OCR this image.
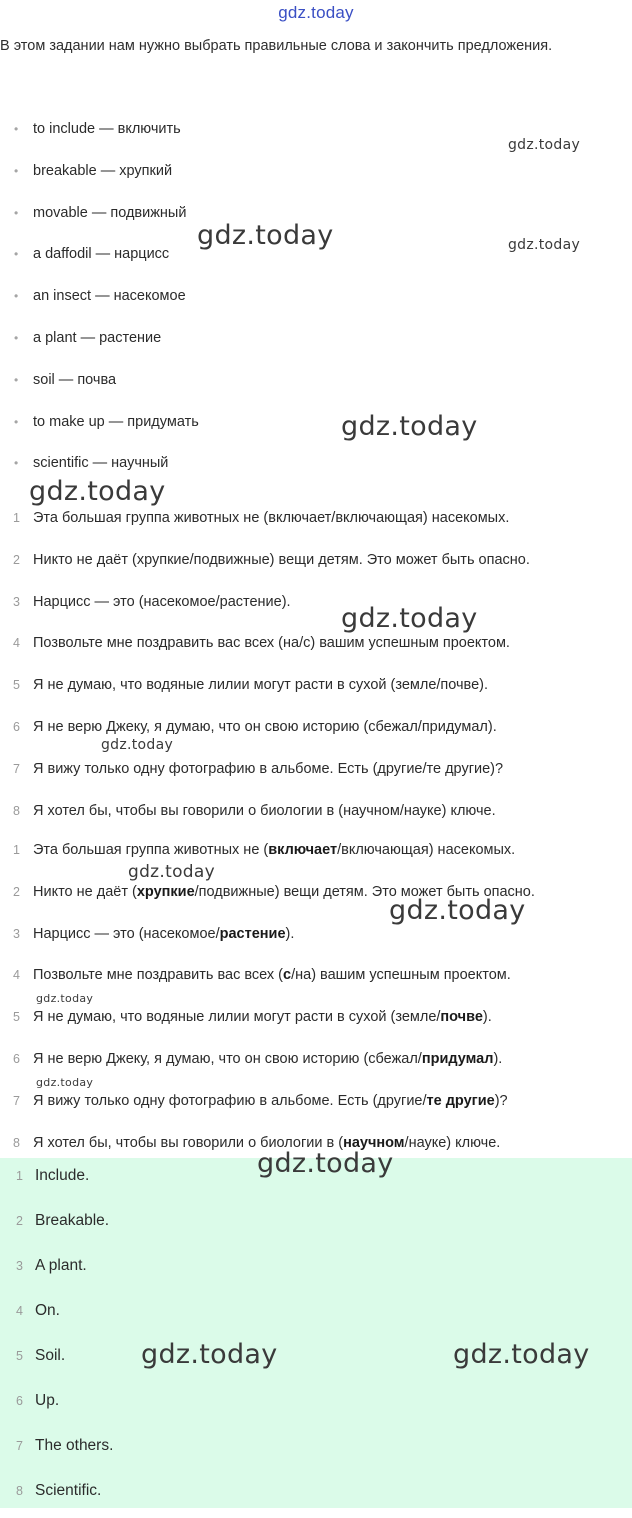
gdz.today
В этом задании нам нужно выбрать правильные слова и закончить предложения.
• to include — включить
• breakable — хрупкий
• movable — подвижный
• a daffodil — нарцисс
• an insect — насекомое
• a plant — растение
• soil — почва
• to make up — придумать
• scientific — научный
1 Эта большая группа животных не (включает/включающая) насекомых.
2 Никто не даёт (хрупкие/подвижные) вещи детям. Это может быть опасно.
3 Нарцисс — это (насекомое/растение).
4 Позвольте мне поздравить вас всех (на/с) вашим успешным проектом.
5 Я не думаю, что водяные лилии могут расти в сухой (земле/почве).
6 Я не верю Джеку, я думаю, что он свою историю (сбежал/придумал).
7 Я вижу только одну фотографию в альбоме. Есть (другие/те другие)?
8 Я хотел бы, чтобы вы говорили о биологии в (научном/науке) ключе.
1 Эта большая группа животных не (включает/включающая) насекомых.
2 Никто не даёт (хрупкие/подвижные) вещи детям. Это может быть опасно.
3 Нарцисс — это (насекомое/растение).
4 Позвольте мне поздравить вас всех (с/на) вашим успешным проектом.
5 Я не думаю, что водяные лилии могут расти в сухой (земле/почве).
6 Я не верю Джеку, я думаю, что он свою историю (сбежал/придумал).
7 Я вижу только одну фотографию в альбоме. Есть (другие/те другие)?
8 Я хотел бы, чтобы вы говорили о биологии в (научном/науке) ключе.
1 Include.
2 Breakable.
3 A plant.
4 On.
5 Soil.
6 Up.
7 The others.
8 Scientific.
gdz.today
gdz.today	gdz.today
gdz.today
gdz.today
gdz.today
gdz.today
gdz.today
gdz.today
gdz.today
gdz.today
gdz.today
gdz.today	gdz.today
